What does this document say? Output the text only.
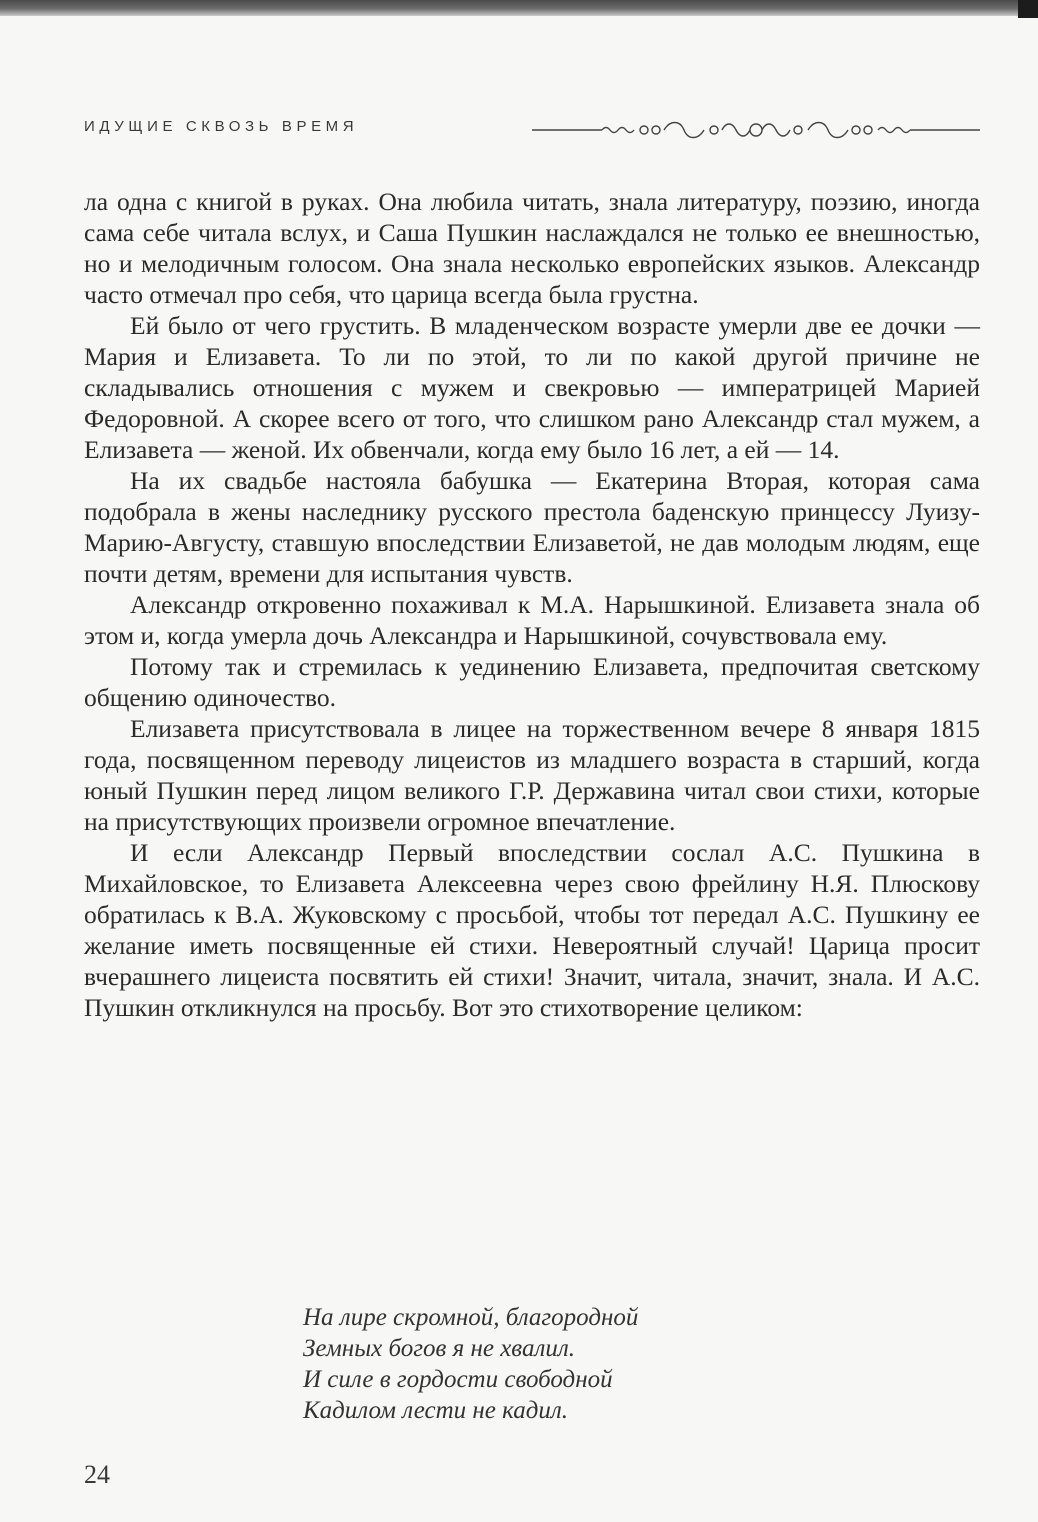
ИДУЩИЕ СКВОЗЬ ВРЕМЯ

ла одна с книгой в руках. Она любила читать, знала литературу, поэзию, иногда сама себе читала вслух, и Саша Пушкин наслаждался не только ее внешностью, но и мелодичным голосом. Она знала несколько европейских языков. Александр часто отмечал про себя, что царица всегда была грустна.

Ей было от чего грустить. В младенческом возрасте умерли две ее дочки — Мария и Елизавета. То ли по этой, то ли по какой другой причине не складывались отношения с мужем и свекровью — императрицей Марией Федоровной. А скорее всего от того, что слишком рано Александр стал мужем, а Елизавета — женой. Их обвенчали, когда ему было 16 лет, а ей — 14.

На их свадьбе настояла бабушка — Екатерина Вторая, которая сама подобрала в жены наследнику русского престола баденскую принцессу Луизу-Марию-Августу, ставшую впоследствии Елизаветой, не дав молодым людям, еще почти детям, времени для испытания чувств.

Александр откровенно похаживал к М.А. Нарышкиной. Елизавета знала об этом и, когда умерла дочь Александра и Нарышкиной, сочувствовала ему.

Потому так и стремилась к уединению Елизавета, предпочитая светскому общению одиночество.

Елизавета присутствовала в лицее на торжественном вечере 8 января 1815 года, посвященном переводу лицеистов из младшего возраста в старший, когда юный Пушкин перед лицом великого Г.Р. Державина читал свои стихи, которые на присутствующих произвели огромное впечатление.

И если Александр Первый впоследствии сослал А.С. Пушкина в Михайловское, то Елизавета Алексеевна через свою фрейлину Н.Я. Плюскову обратилась к В.А. Жуковскому с просьбой, чтобы тот передал А.С. Пушкину ее желание иметь посвященные ей стихи. Невероятный случай! Царица просит вчерашнего лицеиста посвятить ей стихи! Значит, читала, значит, знала. И А.С. Пушкин откликнулся на просьбу. Вот это стихотворение целиком:

На лире скромной, благородной
Земных богов я не хвалил.
И силе в гордости свободной
Кадилом лести не кадил.
24
